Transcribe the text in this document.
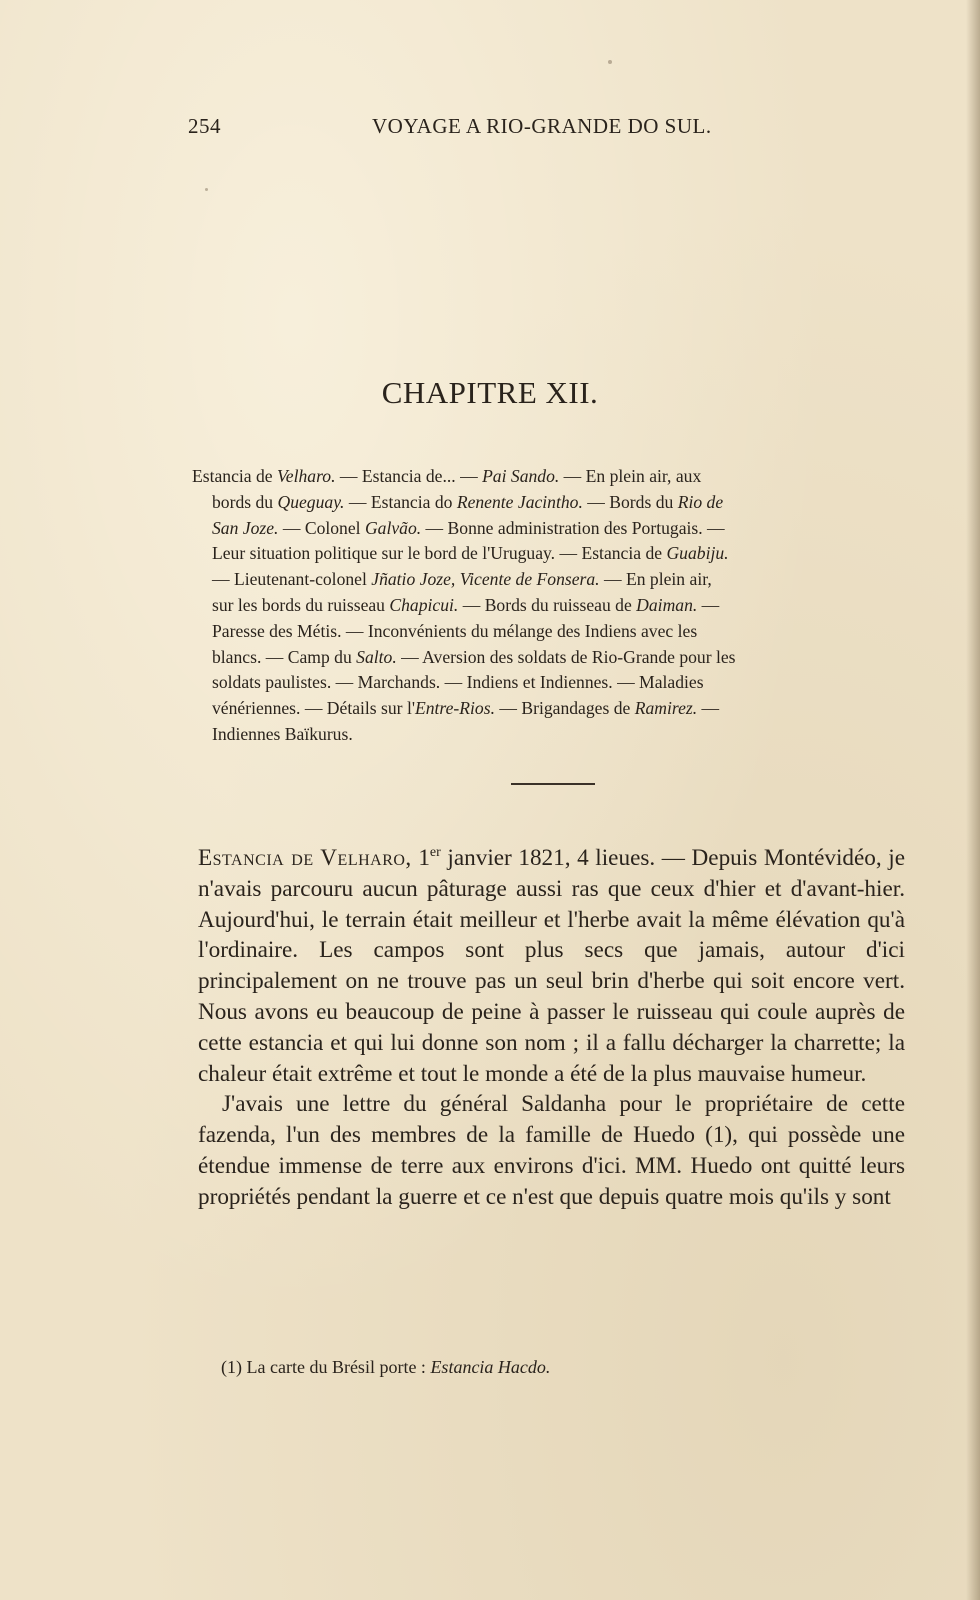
254	VOYAGE A RIO-GRANDE DO SUL.
CHAPITRE XII.
Estancia de Velharo. — Estancia de... — Pai Sando. — En plein air, aux
bords du Queguay. — Estancia do Renente Jacintho. — Bords du Rio de
San Joze. — Colonel Galvão. — Bonne administration des Portugais. —
Leur situation politique sur le bord de l'Uruguay. — Estancia de Guabiju.
— Lieutenant-colonel Jñatio Joze, Vicente de Fonsera. — En plein air,
sur les bords du ruisseau Chapicui. — Bords du ruisseau de Daiman. —
Paresse des Métis. — Inconvénients du mélange des Indiens avec les
blancs. — Camp du Salto. — Aversion des soldats de Rio-Grande pour les
soldats paulistes. — Marchands. — Indiens et Indiennes. — Maladies
vénériennes. — Détails sur l'Entre-Rios. — Brigandages de Ramirez. —
Indiennes Baïkurus.

Estancia de Velharo, 1er janvier 1821, 4 lieues. — Depuis Montévidéo, je n'avais parcouru aucun pâturage aussi ras que ceux d'hier et d'avant-hier. Aujourd'hui, le terrain était meilleur et l'herbe avait la même élévation qu'à l'ordinaire. Les campos sont plus secs que jamais, autour d'ici principalement on ne trouve pas un seul brin d'herbe qui soit encore vert. Nous avons eu beaucoup de peine à passer le ruisseau qui coule auprès de cette estancia et qui lui donne son nom ; il a fallu décharger la charrette; la chaleur était extrême et tout le monde a été de la plus mauvaise humeur.

J'avais une lettre du général Saldanha pour le propriétaire de cette fazenda, l'un des membres de la famille de Huedo (1), qui possède une étendue immense de terre aux environs d'ici. MM. Huedo ont quitté leurs propriétés pendant la guerre et ce n'est que depuis quatre mois qu'ils y sont

(1) La carte du Brésil porte : Estancia Hacdo.
